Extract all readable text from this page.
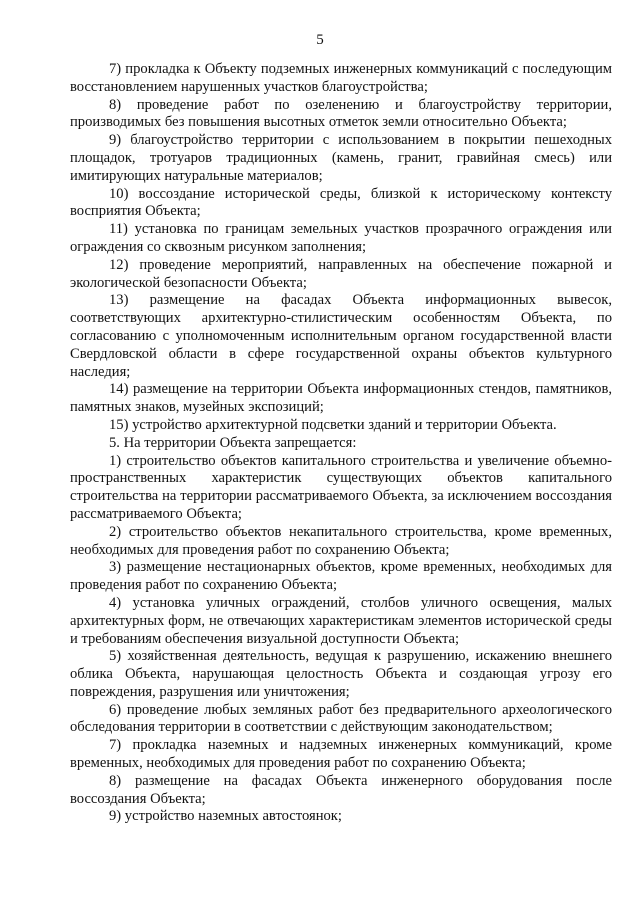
5

7) прокладка к Объекту подземных инженерных коммуникаций с последующим восстановлением нарушенных участков благоустройства;

8) проведение работ по озеленению и благоустройству территории, производимых без повышения высотных отметок земли относительно Объекта;

9) благоустройство территории с использованием в покрытии пешеходных площадок, тротуаров традиционных (камень, гранит, гравийная смесь) или имитирующих натуральные материалов;

10) воссоздание исторической среды, близкой к историческому контексту восприятия Объекта;

11) установка по границам земельных участков прозрачного ограждения или ограждения со сквозным рисунком заполнения;

12) проведение мероприятий, направленных на обеспечение пожарной и экологической безопасности Объекта;

13) размещение на фасадах Объекта информационных вывесок, соответствующих архитектурно-стилистическим особенностям Объекта, по согласованию с уполномоченным исполнительным органом государственной власти Свердловской области в сфере государственной охраны объектов культурного наследия;

14) размещение на территории Объекта информационных стендов, памятников, памятных знаков, музейных экспозиций;

15) устройство архитектурной подсветки зданий и территории Объекта.

5. На территории Объекта запрещается:

1) строительство объектов капитального строительства и увеличение объемно-пространственных характеристик существующих объектов капитального строительства на территории рассматриваемого Объекта, за исключением воссоздания рассматриваемого Объекта;

2) строительство объектов некапитального строительства, кроме временных, необходимых для проведения работ по сохранению Объекта;

3) размещение нестационарных объектов, кроме временных, необходимых для проведения работ по сохранению Объекта;

4) установка уличных ограждений, столбов уличного освещения, малых архитектурных форм, не отвечающих характеристикам элементов исторической среды и требованиям обеспечения визуальной доступности Объекта;

5) хозяйственная деятельность, ведущая к разрушению, искажению внешнего облика Объекта, нарушающая целостность Объекта и создающая угрозу его повреждения, разрушения или уничтожения;

6) проведение любых земляных работ без предварительного археологического обследования территории в соответствии с действующим законодательством;

7) прокладка наземных и надземных инженерных коммуникаций, кроме временных, необходимых для проведения работ по сохранению Объекта;

8) размещение на фасадах Объекта инженерного оборудования после воссоздания Объекта;

9) устройство наземных автостоянок;
